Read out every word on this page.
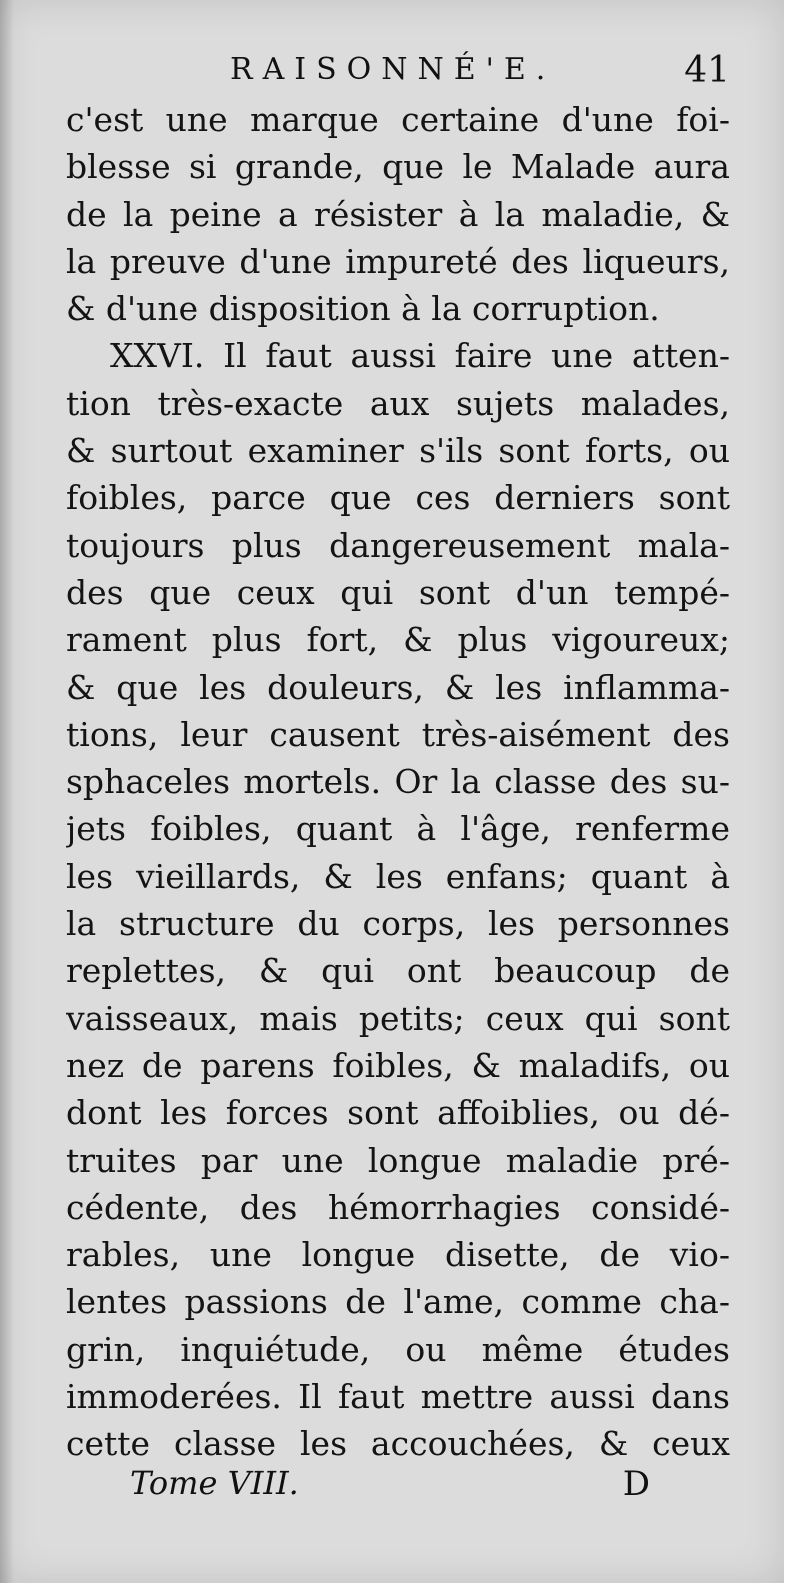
RAISONNÉ'E.	41
c'est une marque certaine d'une foi-
blesse si grande, que le Malade aura
de la peine a résister à la maladie, &
la preuve d'une impureté des liqueurs,
& d'une disposition à la corruption.
XXVI. Il faut aussi faire une atten-
tion très-exacte aux sujets malades,
& surtout examiner s'ils sont forts, ou
foibles, parce que ces derniers sont
toujours plus dangereusement mala-
des que ceux qui sont d'un tempé-
rament plus fort, & plus vigoureux;
& que les douleurs, & les inflamma-
tions, leur causent très-aisément des
sphaceles mortels. Or la classe des su-
jets foibles, quant à l'âge, renferme
les vieillards, & les enfans; quant à
la structure du corps, les personnes
replettes, & qui ont beaucoup de
vaisseaux, mais petits; ceux qui sont
nez de parens foibles, & maladifs, ou
dont les forces sont affoiblies, ou dé-
truites par une longue maladie pré-
cédente, des hémorrhagies considé-
rables, une longue disette, de vio-
lentes passions de l'ame, comme cha-
grin, inquiétude, ou même études
immoderées. Il faut mettre aussi dans
cette classe les accouchées, & ceux
Tome VIII.	D
